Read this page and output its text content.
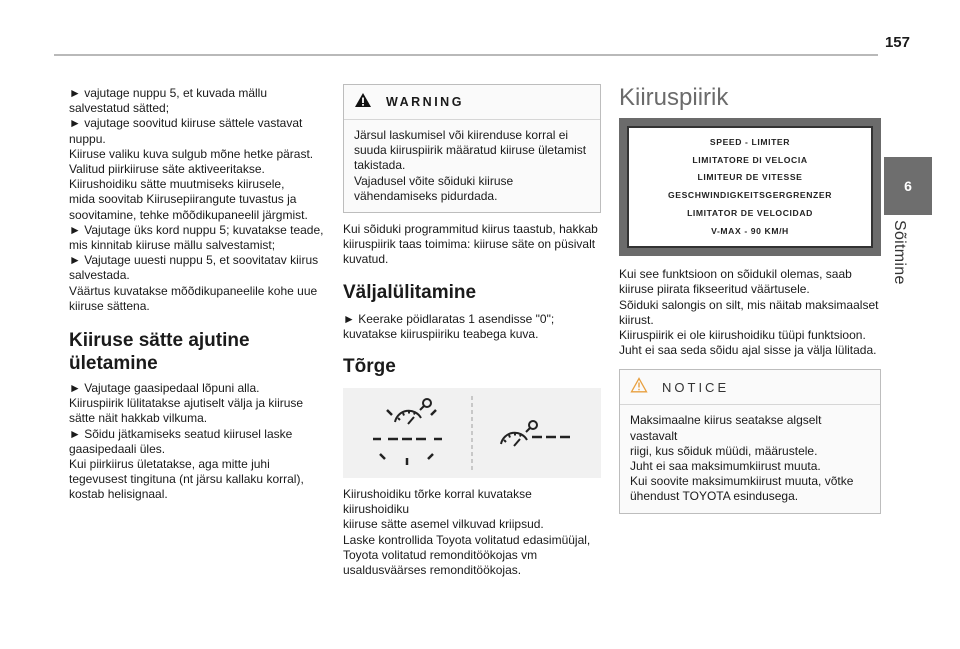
157
6
Sõitmine

► vajutage nuppu 5, et kuvada mällu

salvestatud sätted;

► vajutage soovitud kiiruse sättele vastavat

nuppu.

Kiiruse valiku kuva sulgub mõne hetke pärast.

Valitud piirkiiruse säte aktiveeritakse.

Kiirushoidiku sätte muutmiseks kiirusele,

mida soovitab Kiirusepiirangute tuvastus ja

soovitamine, tehke mõõdikupaneelil järgmist.

► Vajutage üks kord nuppu 5; kuvatakse teade,

mis kinnitab kiiruse mällu salvestamist;

► Vajutage uuesti nuppu 5, et soovitatav kiirus

salvestada.

Väärtus kuvatakse mõõdikupaneelile kohe uue

kiiruse sättena.

Kiiruse sätte ajutine

ületamine

► Vajutage gaasipedaal lõpuni alla.

Kiiruspiirik lülitatakse ajutiselt välja ja kiiruse

sätte näit hakkab vilkuma.

► Sõidu jätkamiseks seatud kiirusel laske

gaasipedaali üles.

Kui piirkiirus ületatakse, aga mitte juhi

tegevusest tingituna (nt järsu kallaku korral),

kostab helisignaal.

WARNING
Järsul laskumisel või kiirenduse korral ei
suuda kiiruspiirik määratud kiiruse ületamist
takistada.
Vajadusel võite sõiduki kiiruse
vähendamiseks pidurdada.

Kui sõiduki programmitud kiirus taastub, hakkab

kiiruspiirik taas toimima: kiiruse säte on püsivalt

kuvatud.

Väljalülitamine

► Keerake pöidlaratas 1 asendisse "0";

kuvatakse kiiruspiiriku teabega kuva.

Tõrge

Kiirushoidiku tõrke korral kuvatakse kiirushoidiku

kiiruse sätte asemel vilkuvad kriipsud.

Laske kontrollida Toyota volitatud edasimüüjal,

Toyota volitatud remonditöökojas vm

usaldusväärses remonditöökojas.

Kiiruspiirik

SPEED - LIMITER
LIMITATORE DI VELOCIA
LIMITEUR DE VITESSE
GESCHWINDIGKEITSGERGRENZER
LIMITATOR DE VELOCIDAD
V-MAX - 90 KM/H

Kui see funktsioon on sõidukil olemas, saab

kiiruse piirata fikseeritud väärtusele.

Sõiduki salongis on silt, mis näitab maksimaalset

kiirust.

Kiiruspiirik ei ole kiirushoidiku tüüpi funktsioon.

Juht ei saa seda sõidu ajal sisse ja välja lülitada.

NOTICE
Maksimaalne kiirus seatakse algselt vastavalt
riigi, kus sõiduk müüdi, määrustele.
Juht ei saa maksimumkiirust muuta.
Kui soovite maksimumkiirust muuta, võtke
ühendust TOYOTA esindusega.
